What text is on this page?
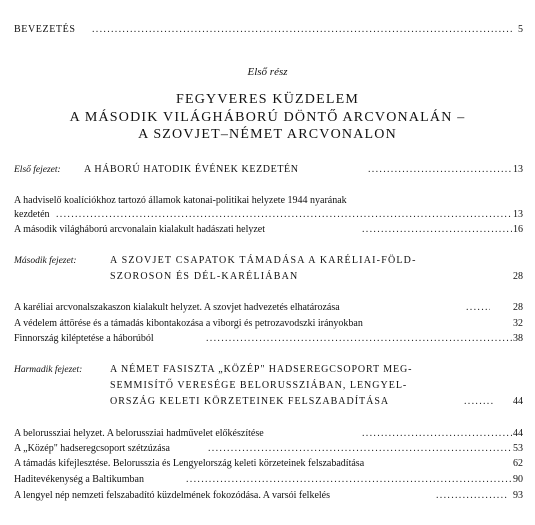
BEVEZETÉS .....	5
Első rész
FEGYVERES KÜZDELEM
A MÁSODIK VILÁGHÁBORÚ DÖNTŐ ARCVONALÁN –
A SZOVJET–NÉMET ARCVONALON
Első fejezet: A HÁBORÚ HATODIK ÉVÉNEK KEZDETÉN .....	13
A hadviselő koalíciókhoz tartozó államok katonai-politikai helyzete 1944 nyarának
kezdetén .....	13
A második világháború arcvonalain kialakult hadászati helyzet .....	16
Második fejezet:	A SZOVJET CSAPATOK TÁMADÁSA A KARÉLIAI-FÖLD-
SZOROSON ÉS DÉL-KARÉLIÁBAN	28
A karéliai arcvonalszakaszon kialakult helyzet. A szovjet hadvezetés elhatározása .....	28
A védelem áttörése és a támadás kibontakozása a viborgi és petrozavodszki irányokban	32
Finnország kiléptetése a háborúból .....	38
Harmadik fejezet:	A NÉMET FASISZTA „KÖZÉP" HADSEREGCSOPORT MEG-
SEMMISÍTŐ VERESÉGE BELORUSSZIÁBAN, LENGYEL-
ORSZÁG KELETI KÖRZETEINEK FELSZABADÍTÁSA .....	44
A belorussziai helyzet. A belorussziai hadművelet előkészítése .....	44
A „Közép" hadseregcsoport szétzúzása .....	53
A támadás kifejlesztése. Belorusszia és Lengyelország keleti körzeteinek felszabadítása	62
Haditevékenység a Baltikumban .....	90
A lengyel nép nemzeti felszabadító küzdelmének fokozódása. A varsói felkelés .....	93
